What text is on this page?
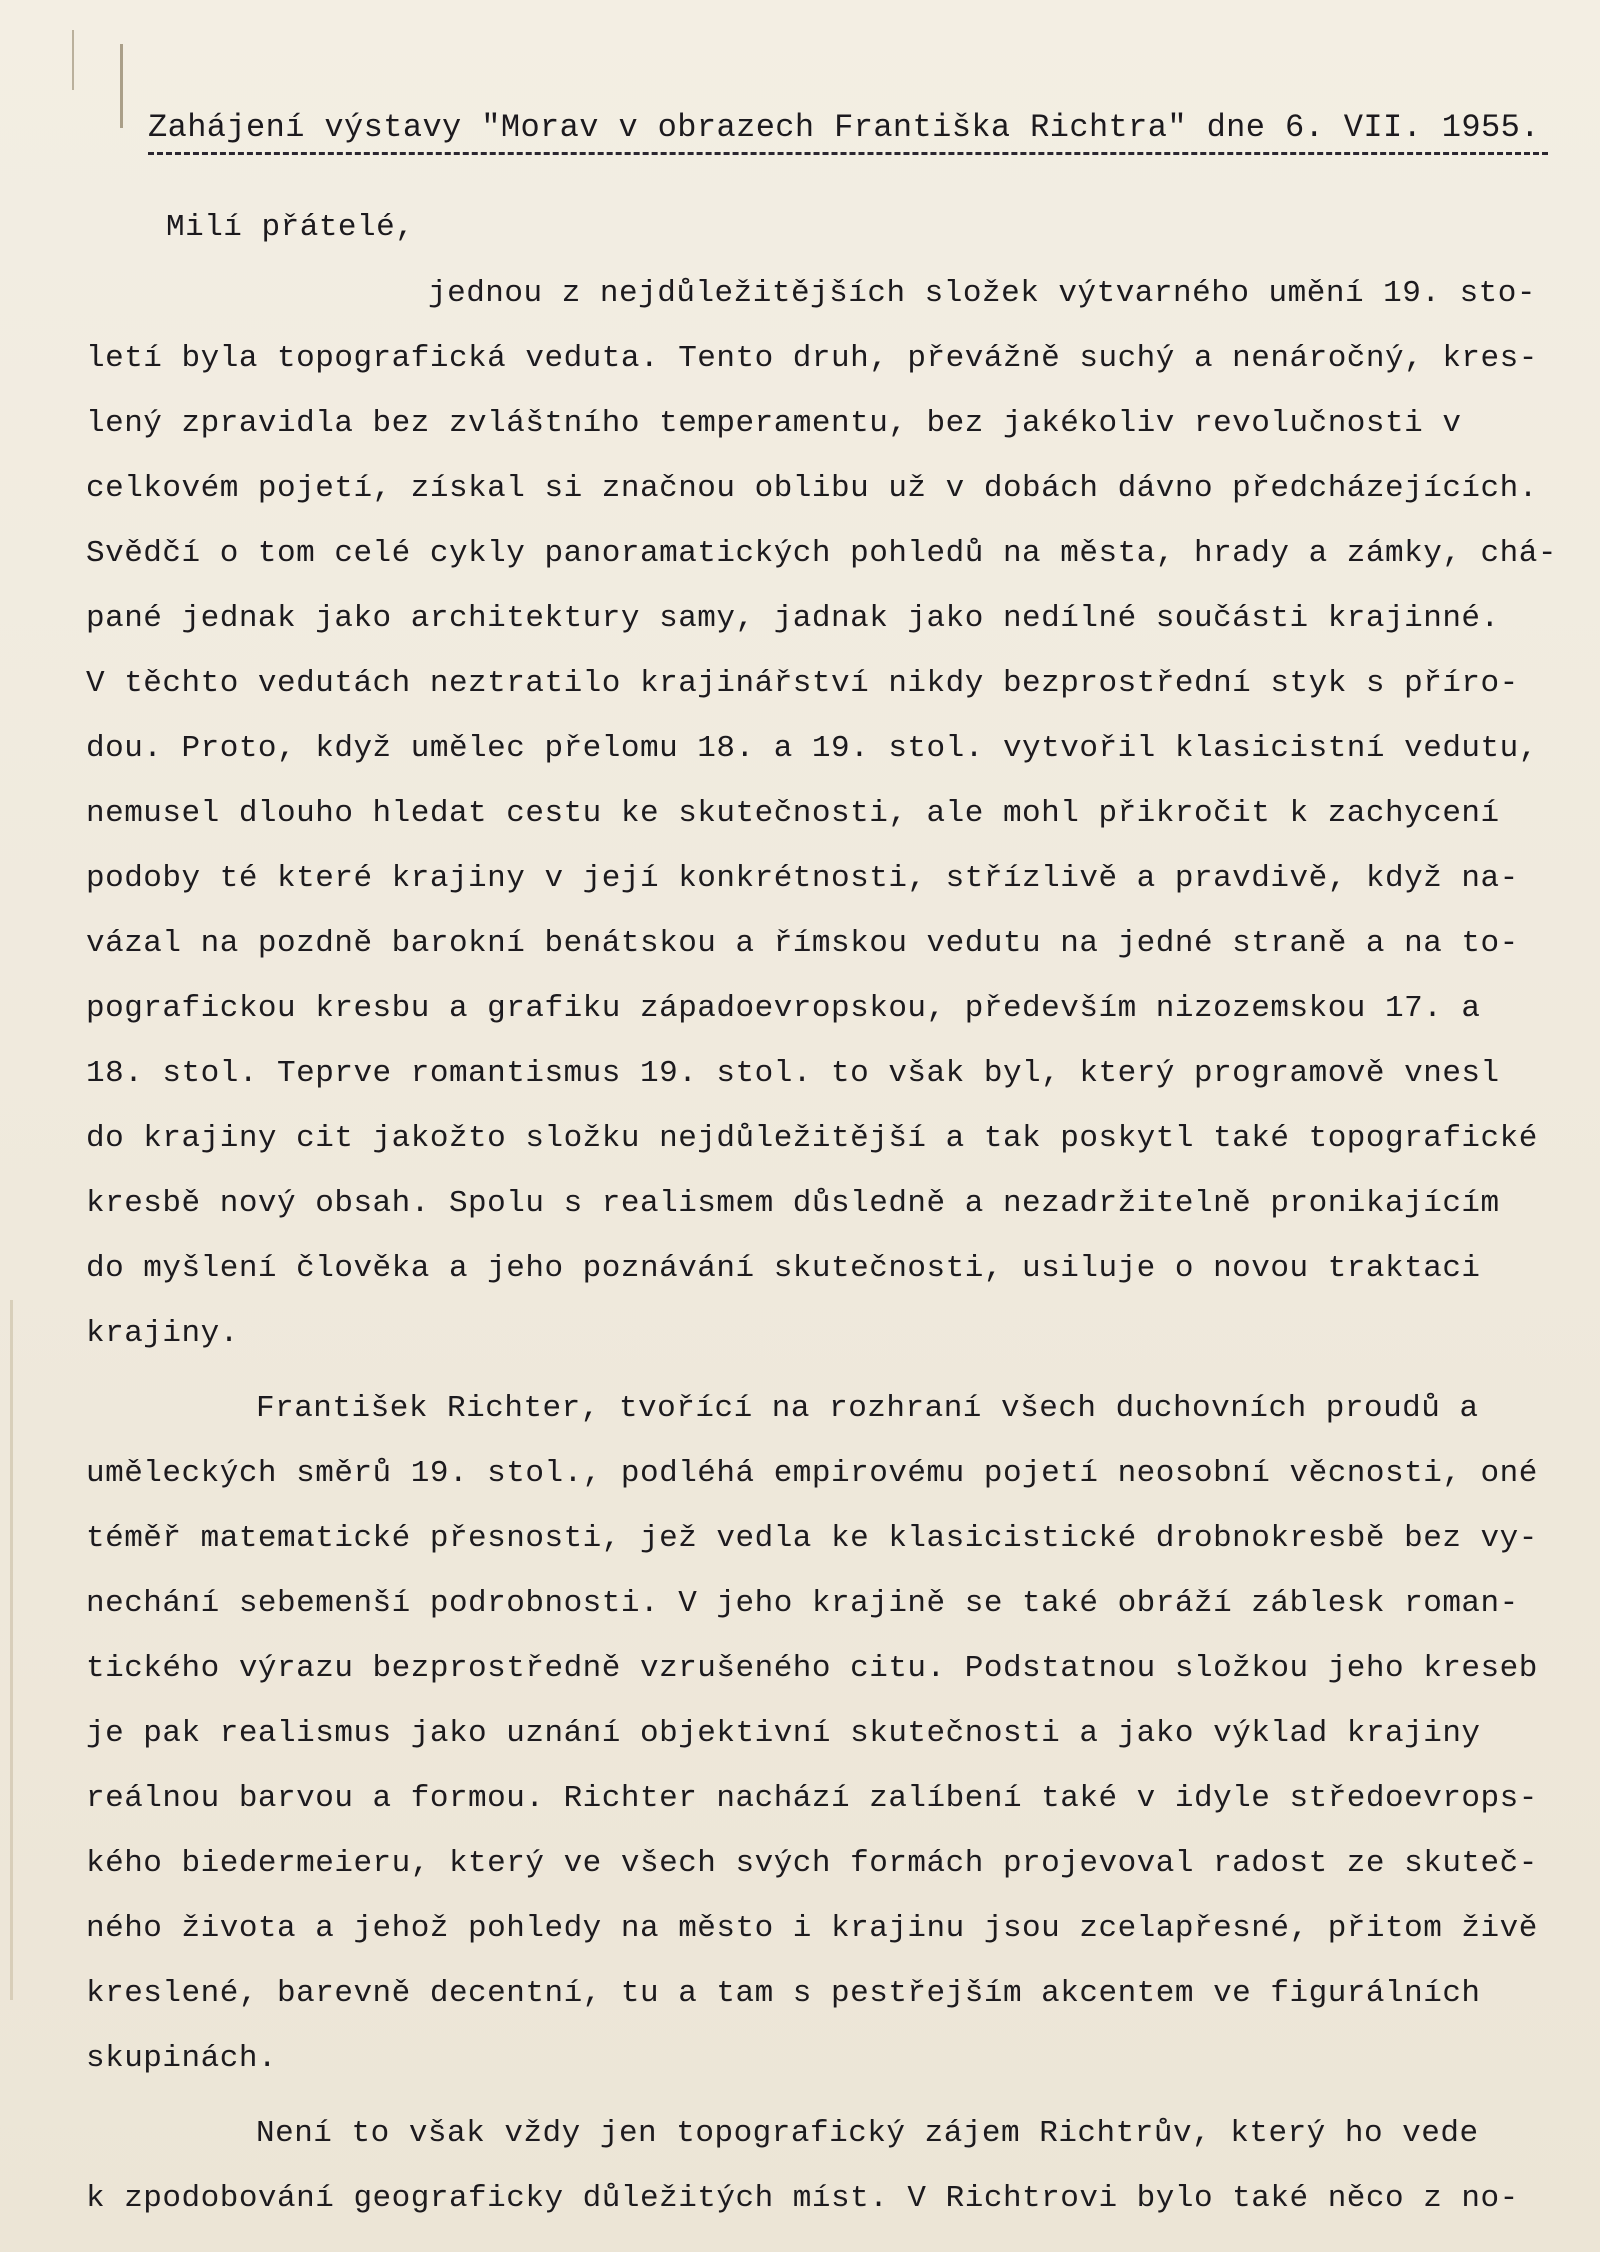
Zahájení výstavy "Morav v obrazech Františka Richtra" dne 6. VII. 1955.
Milí přátelé,
jednou z nejdůležitějších složek výtvarného umění 19. sto-
letí byla topografická veduta. Tento druh, převážně suchý a nenáročný, kres-
lený zpravidla bez zvláštního temperamentu, bez jakékoliv revolučnosti v
celkovém pojetí, získal si značnou oblibu už v dobách dávno předcházejících.
Svědčí o tom celé cykly panoramatických pohledů na města, hrady a zámky, chá-
pané jednak jako architektury samy, jadnak jako nedílné součásti krajinné.
V těchto vedutách neztratilo krajinářství nikdy bezprostřední styk s příro-
dou. Proto, když umělec přelomu 18. a 19. stol. vytvořil klasicistní vedutu,
nemusel dlouho hledat cestu ke skutečnosti, ale mohl přikročit k zachycení
podoby té které krajiny v její konkrétnosti, střízlivě a pravdivě, když na-
vázal na pozdně barokní benátskou a římskou vedutu na jedné straně a na to-
pografickou kresbu a grafiku západoevropskou, především nizozemskou 17. a
18. stol. Teprve romantismus 19. stol. to však byl, který programově vnesl
do krajiny cit jakožto složku nejdůležitější a tak poskytl také topografické
kresbě nový obsah. Spolu s realismem důsledně a nezadržitelně pronikajícím
do myšlení člověka a jeho poznávání skutečnosti, usiluje o novou traktaci
krajiny.
František Richter, tvořící na rozhraní všech duchovních proudů a
uměleckých směrů 19. stol., podléhá empirovému pojetí neosobní věcnosti, oné
téměř matematické přesnosti, jež vedla ke klasicistické drobnokresbě bez vy-
nechání sebemenší podrobnosti. V jeho krajině se také obráží záblesk roman-
tického výrazu bezprostředně vzrušeného citu. Podstatnou složkou jeho kreseb
je pak realismus jako uznání objektivní skutečnosti a jako výklad krajiny
reálnou barvou a formou. Richter nachází zalíbení také v idyle středoevrops-
kého biedermeieru, který ve všech svých formách projevoval radost ze skuteč-
ného života a jehož pohledy na město i krajinu jsou zcelapřesné, přitom živě
kreslené, barevně decentní, tu a tam s pestřejším akcentem ve figurálních
skupinách.
Není to však vždy jen topografický zájem Richtrův, který ho vede
k zpodobování geograficky důležitých míst. V Richtrovi bylo také něco z no-
